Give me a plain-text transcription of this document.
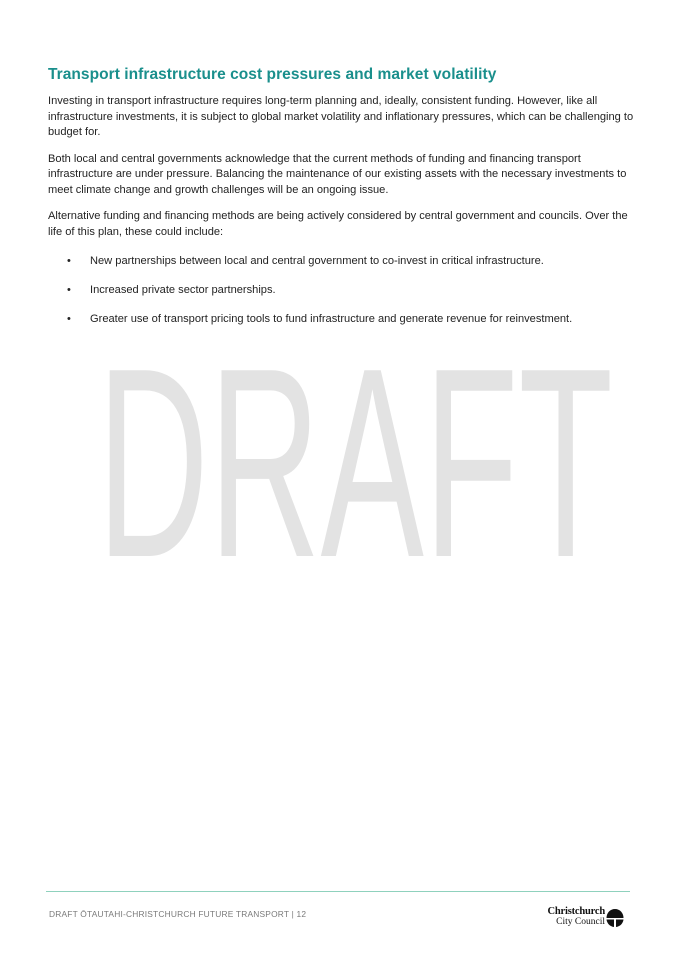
DRAFT
Transport infrastructure cost pressures and market volatility

Investing in transport infrastructure requires long-term planning and, ideally, consistent funding. However, like all infrastructure investments, it is subject to global market volatility and inflationary pressures, which can be challenging to budget for.

Both local and central governments acknowledge that the current methods of funding and financing transport infrastructure are under pressure. Balancing the maintenance of our existing assets with the necessary investments to meet climate change and growth challenges will be an ongoing issue.

Alternative funding and financing methods are being actively considered by central government and councils. Over the life of this plan, these could include:

• New partnerships between local and central government to co-invest in critical infrastructure.
• Increased private sector partnerships.
• Greater use of transport pricing tools to fund infrastructure and generate revenue for reinvestment.
DRAFT ŌTAUTAHI-CHRISTCHURCH FUTURE TRANSPORT | 12	Christchurch
City Council
